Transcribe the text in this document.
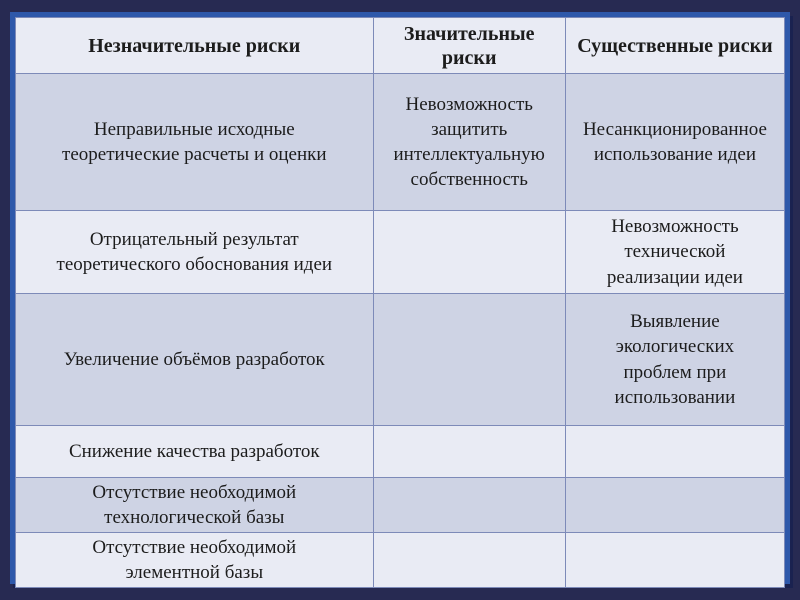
Незначительные риски	Значительные риски	Существенные риски
Неправильные исходные теоретические расчеты и оценки	Невозможность защитить интеллектуальную собственность	Несанкционированное использование идеи
Отрицательный результат теоретического обоснования идеи		Невозможность технической реализации идеи
Увеличение объёмов разработок		Выявление экологических проблем при использовании
Снижение качества разработок		
Отсутствие необходимой технологической базы		
Отсутствие необходимой элементной базы		
